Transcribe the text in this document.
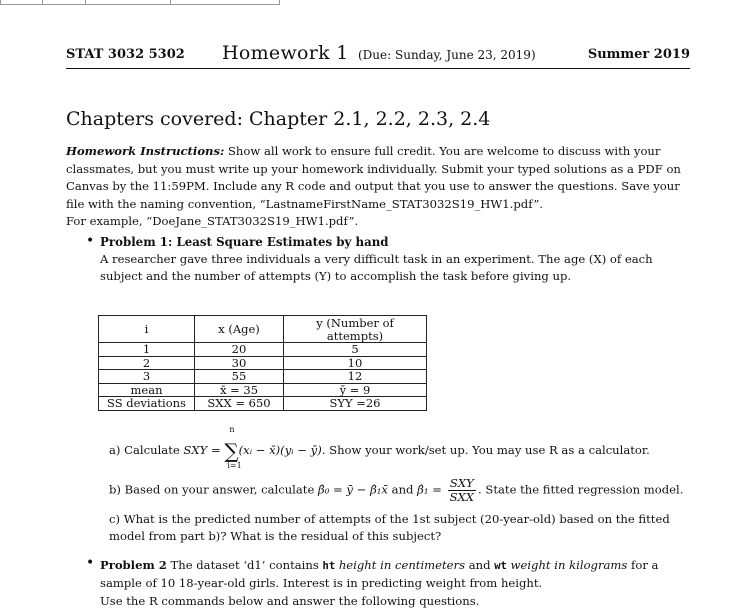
STAT 3032 5302 Homework 1 (Due: Sunday, June 23, 2019)	Summer 2019
Chapters covered: Chapter 2.1, 2.2, 2.3, 2.4
Homework Instructions: Show all work to ensure full credit. You are welcome to discuss with your classmates, but you must write up your homework individually. Submit your typed solutions as a PDF on Canvas by the 11:59PM. Include any R code and output that you use to answer the questions. Save your file with the naming convention, “LastnameFirstName_STAT3032S19_HW1.pdf”.
For example, “DoeJane_STAT3032S19_HW1.pdf”.
• Problem 1: Least Square Estimates by hand
A researcher gave three individuals a very difficult task in an experiment. The age (X) of each subject and the number of attempts (Y) to accomplish the task before giving up.
i	x (Age)	y (Number of attempts)
1	20	5
2	30	10
3	55	12
mean	x̄ = 35	ȳ = 9
SS deviations	SXX = 650	SYY =26
a) Calculate SXY = ∑
n
i=1
(xᵢ − x̄)(yᵢ − ȳ). Show your work/set up. You may use R as a calculator.
b) Based on your answer, calculate β̂₀ = ȳ − β̂₁x̄ and β̂₁ = $\frac{\text{SXY}}{\text{SXX}}$ . State the fitted regression model.
c) What is the predicted number of attempts of the 1st subject (20-year-old) based on the fitted model from part b)? What is the residual of this subject?
• Problem 2 The dataset ‘d1’ contains ht height in centimeters and wt weight in kilograms for a sample of 10 18-year-old girls. Interest is in predicting weight from height.
Use the R commands below and answer the following questions.
